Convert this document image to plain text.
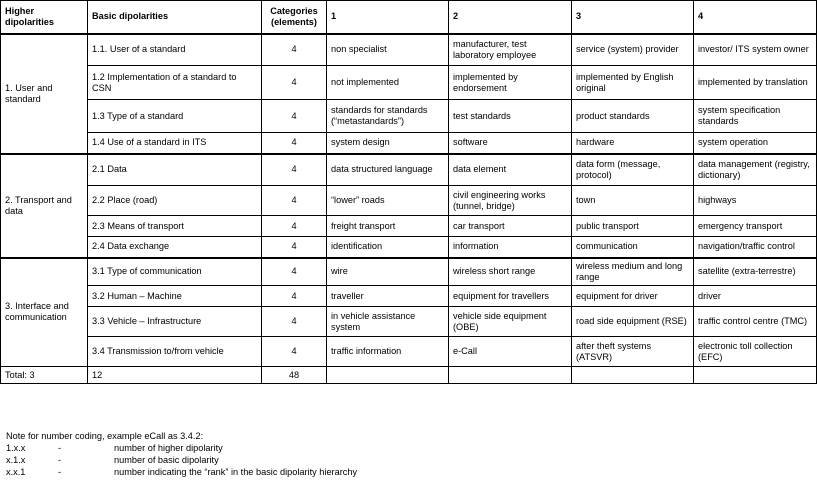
Higher dipolarities	Basic dipolarities	Categories (elements)	1	2	3	4
1. User and standard	1.1. User of a standard	4	non specialist	manufacturer, test laboratory employee	service (system) provider	investor/ ITS system owner
	1.2 Implementation of a standard to CSN	4	not implemented	implemented by endorsement	implemented by English original	implemented by translation
	1.3 Type of a standard	4	standards for standards (“metastandards”)	test standards	product standards	system specification standards
	1.4 Use of a standard in ITS	4	system design	software	hardware	system operation
2. Transport and data	2.1 Data	4	data structured language	data element	data form (message, protocol)	data management (registry, dictionary)
	2.2 Place (road)	4	“lower” roads	civil engineering works (tunnel, bridge)	town	highways
	2.3 Means of transport	4	freight transport	car transport	public transport	emergency transport
	2.4 Data exchange	4	identification	information	communication	navigation/traffic control
3. Interface and communication	3.1 Type of communication	4	wire	wireless short range	wireless medium and long range	satellite (extra-terrestre)
	3.2 Human – Machine	4	traveller	equipment for travellers	equipment for driver	driver
	3.3 Vehicle – Infrastructure	4	in vehicle assistance system	vehicle side equipment (OBE)	road side equipment (RSE)	traffic control centre (TMC)
	3.4 Transmission to/from vehicle	4	traffic information	e-Call	after theft systems (ATSVR)	electronic toll collection (EFC)
Total: 3	12	48				
Note for number coding, example eCall as 3.4.2:
1.x.x	-	number of higher dipolarity
x.1.x	-	number of basic dipolarity
x.x.1	-	number indicating the “rank” in the basic dipolarity hierarchy
